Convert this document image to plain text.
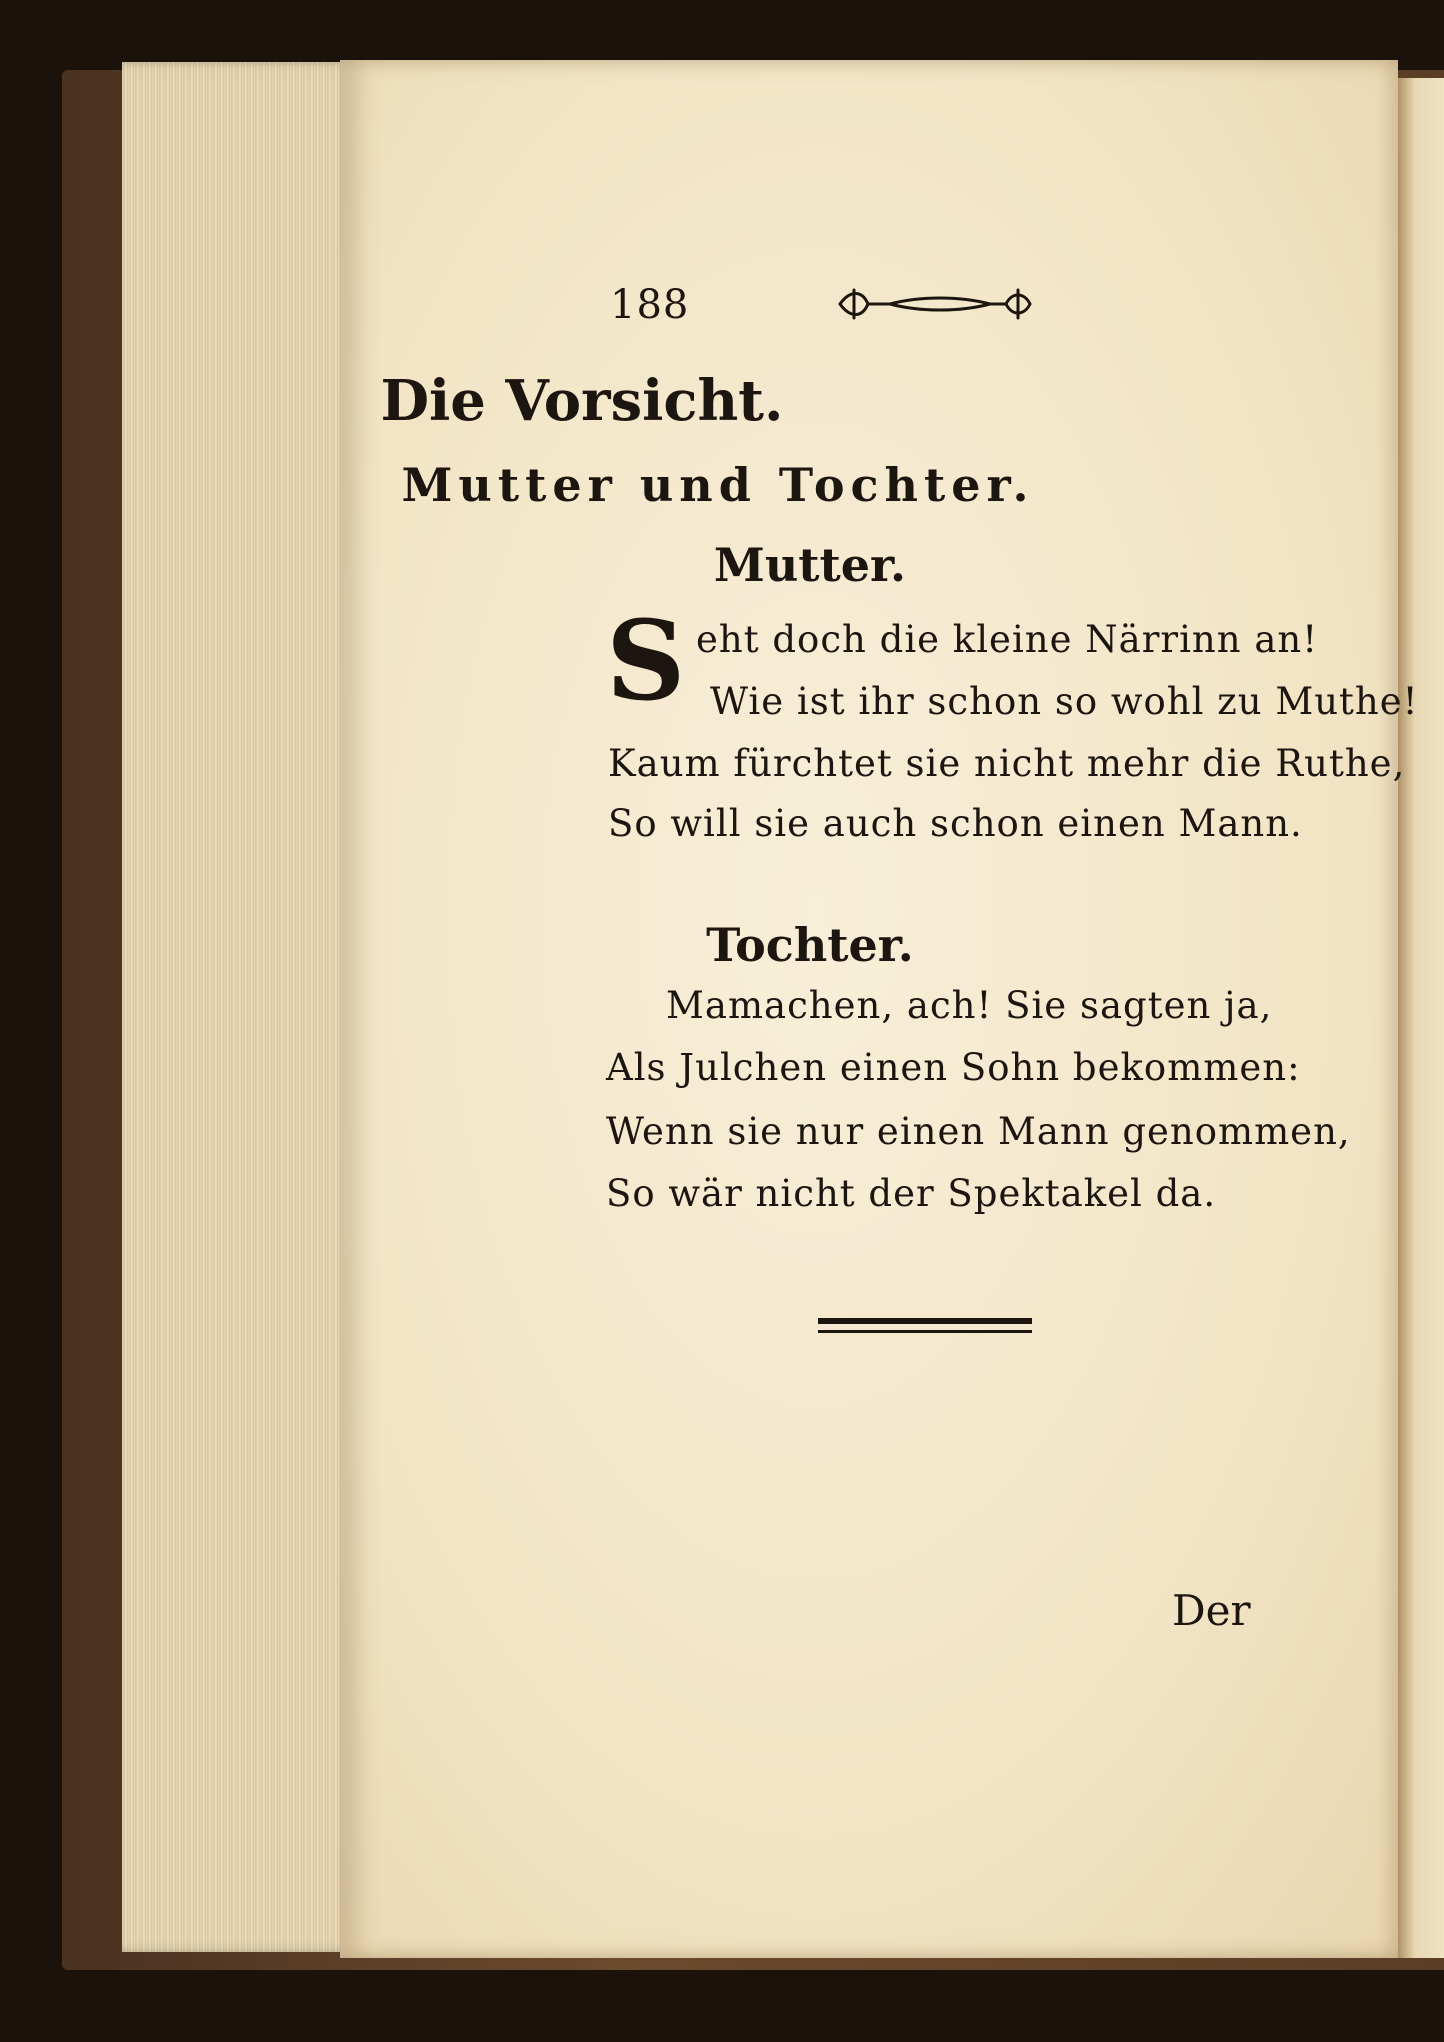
188
Die Vorsicht.
Mutter und Tochter.
Mutter.
S eht doch die kleine Närrinn an!
Wie ist ihr schon so wohl zu Muthe!
Kaum fürchtet sie nicht mehr die Ruthe,
So will sie auch schon einen Mann.
Tochter.
Mamachen, ach! Sie sagten ja,
Als Julchen einen Sohn bekommen:
Wenn sie nur einen Mann genommen,
So wär nicht der Spektakel da.
Der
